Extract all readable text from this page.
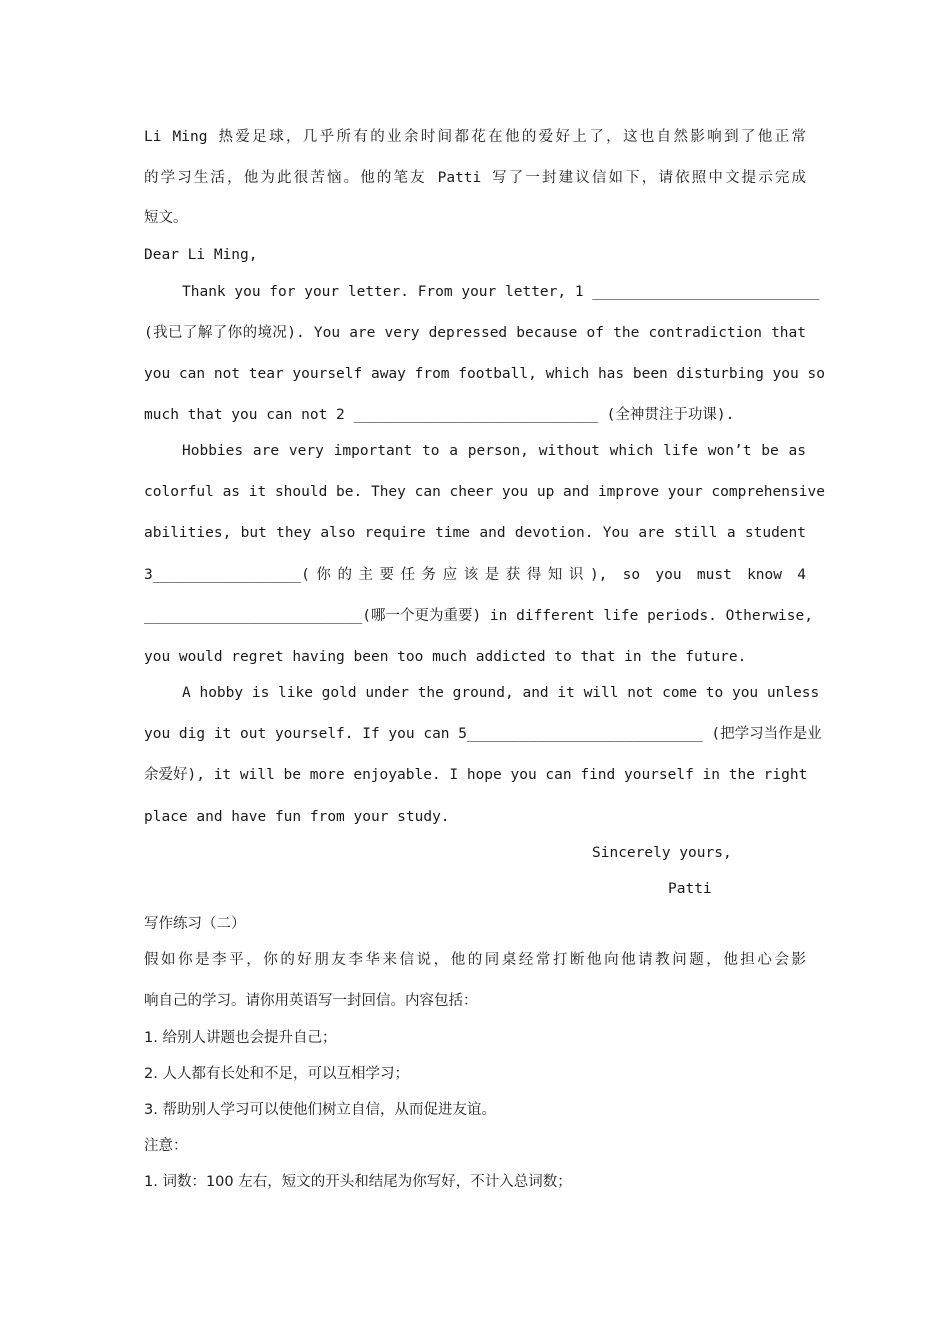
Li Ming 热爱足球，几乎所有的业余时间都花在他的爱好上了，这也自然影响到了他正常
的学习生活，他为此很苦恼。他的笔友 Patti 写了一封建议信如下，请依照中文提示完成
短文。
Dear Li Ming,
Thank you for your letter. From your letter, 1 __________________________
(我已了解了你的境况). You are very depressed because of the contradiction that
you can not tear yourself away from football, which has been disturbing you so
much that you can not 2 ____________________________ (全神贯注于功课).
Hobbies are very important to a person, without which life won’t be as
colorful as it should be. They can cheer you up and improve your comprehensive
abilities, but they also require time and devotion. You are still a student
3_________________(你的主要任务应该是获得知识), so you must know 4
_________________________(哪一个更为重要) in different life periods. Otherwise,
you would regret having been too much addicted to that in the future.
A hobby is like gold under the ground, and it will not come to you unless
you dig it out yourself. If you can 5___________________________ (把学习当作是业
余爱好), it will be more enjoyable. I hope you can find yourself in the right
place and have fun from your study.
Sincerely yours,
Patti
写作练习（二）
假如你是李平，你的好朋友李华来信说，他的同桌经常打断他向他请教问题，他担心会影
响自己的学习。请你用英语写一封回信。内容包括：
1. 给别人讲题也会提升自己；
2. 人人都有长处和不足，可以互相学习；
3. 帮助别人学习可以使他们树立自信，从而促进友谊。
注意：
1. 词数：100 左右，短文的开头和结尾为你写好，不计入总词数；
